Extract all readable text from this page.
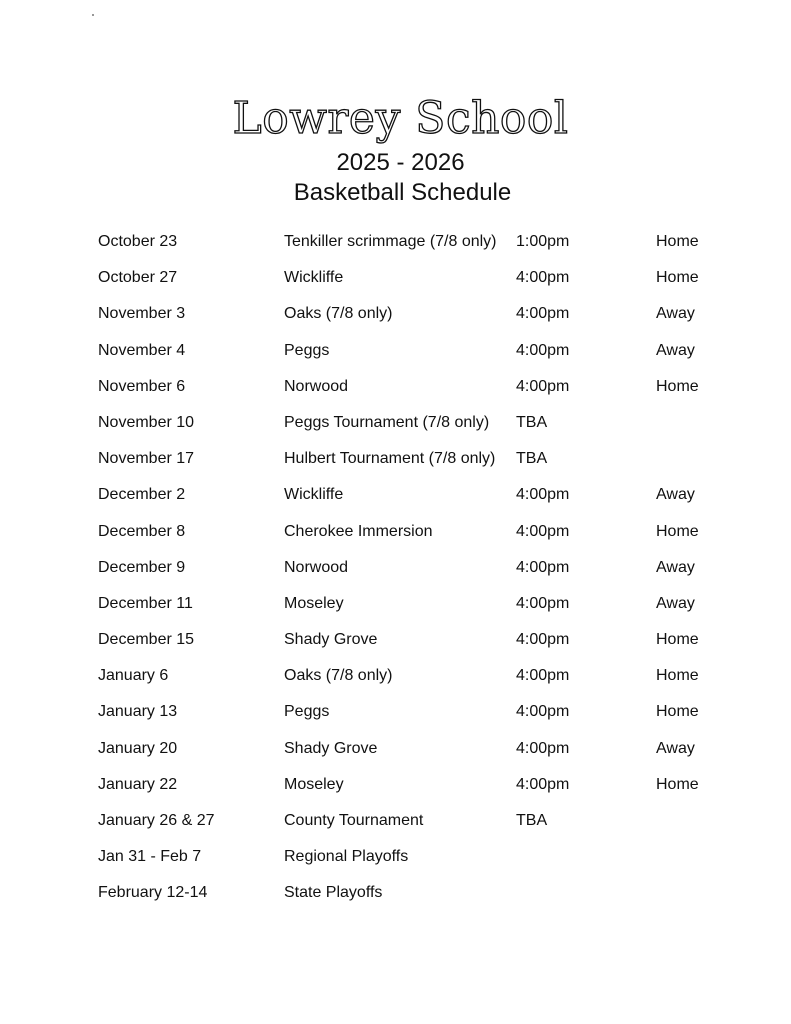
Lowrey School
2025 - 2026
Basketball Schedule
October 23	Tenkiller scrimmage (7/8 only) 1:00pm	Home
October 27	Wickliffe	4:00pm	Home
November 3	Oaks (7/8 only)	4:00pm	Away
November 4	Peggs	4:00pm	Away
November 6	Norwood	4:00pm	Home
November 10	Peggs Tournament (7/8 only) TBA
November 17	Hulbert Tournament (7/8 only) TBA
December 2	Wickliffe	4:00pm	Away
December 8	Cherokee Immersion	4:00pm	Home
December 9	Norwood	4:00pm	Away
December 11	Moseley	4:00pm	Away
December 15	Shady Grove	4:00pm	Home
January 6	Oaks (7/8 only)	4:00pm	Home
January 13	Peggs	4:00pm	Home
January 20	Shady Grove	4:00pm	Away
January 22	Moseley	4:00pm	Home
January 26 & 27	County Tournament	TBA
Jan 31 - Feb 7	Regional Playoffs
February 12-14	State Playoffs
